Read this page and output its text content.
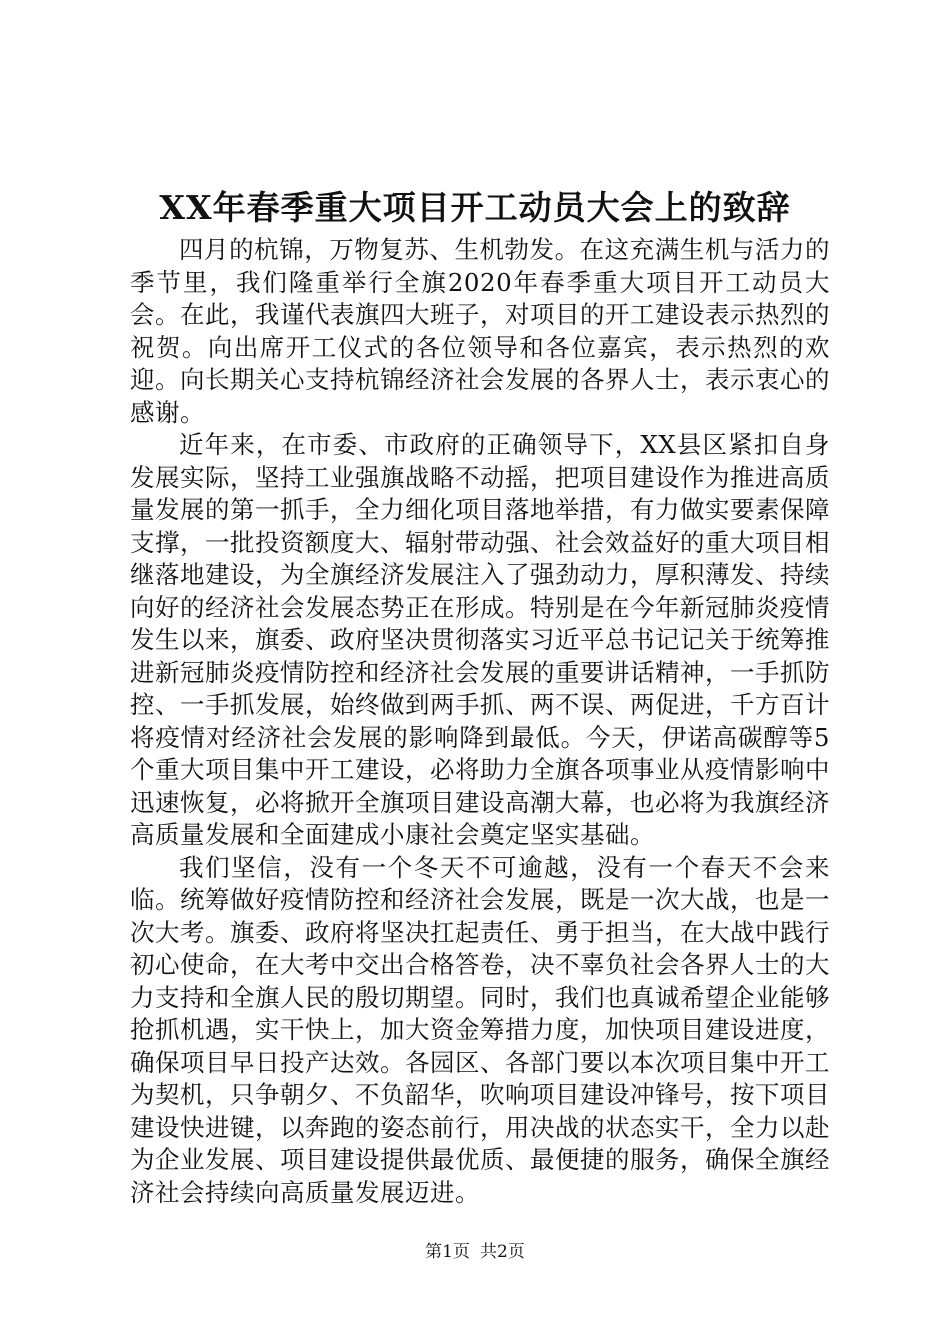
XX年春季重大项目开工动员大会上的致辞

四月的杭锦，万物复苏、生机勃发。在这充满生机与活力的季节里，我们隆重举行全旗2020年春季重大项目开工动员大会。在此，我谨代表旗四大班子，对项目的开工建设表示热烈的祝贺。向出席开工仪式的各位领导和各位嘉宾，表示热烈的欢迎。向长期关心支持杭锦经济社会发展的各界人士，表示衷心的感谢。

近年来，在市委、市政府的正确领导下，XX县区紧扣自身发展实际，坚持工业强旗战略不动摇，把项目建设作为推进高质量发展的第一抓手，全力细化项目落地举措，有力做实要素保障支撑，一批投资额度大、辐射带动强、社会效益好的重大项目相继落地建设，为全旗经济发展注入了强劲动力，厚积薄发、持续向好的经济社会发展态势正在形成。特别是在今年新冠肺炎疫情发生以来，旗委、政府坚决贯彻落实习近平总书记记关于统筹推进新冠肺炎疫情防控和经济社会发展的重要讲话精神，一手抓防控、一手抓发展，始终做到两手抓、两不误、两促进，千方百计将疫情对经济社会发展的影响降到最低。今天，伊诺高碳醇等5个重大项目集中开工建设，必将助力全旗各项事业从疫情影响中迅速恢复，必将掀开全旗项目建设高潮大幕，也必将为我旗经济高质量发展和全面建成小康社会奠定坚实基础。

我们坚信，没有一个冬天不可逾越，没有一个春天不会来临。统筹做好疫情防控和经济社会发展，既是一次大战，也是一次大考。旗委、政府将坚决扛起责任、勇于担当，在大战中践行初心使命，在大考中交出合格答卷，决不辜负社会各界人士的大力支持和全旗人民的殷切期望。同时，我们也真诚希望企业能够抢抓机遇，实干快上，加大资金筹措力度，加快项目建设进度，确保项目早日投产达效。各园区、各部门要以本次项目集中开工为契机，只争朝夕、不负韶华，吹响项目建设冲锋号，按下项目建设快进键，以奔跑的姿态前行，用决战的状态实干，全力以赴为企业发展、项目建设提供最优质、最便捷的服务，确保全旗经济社会持续向高质量发展迈进。

第1页 共2页
